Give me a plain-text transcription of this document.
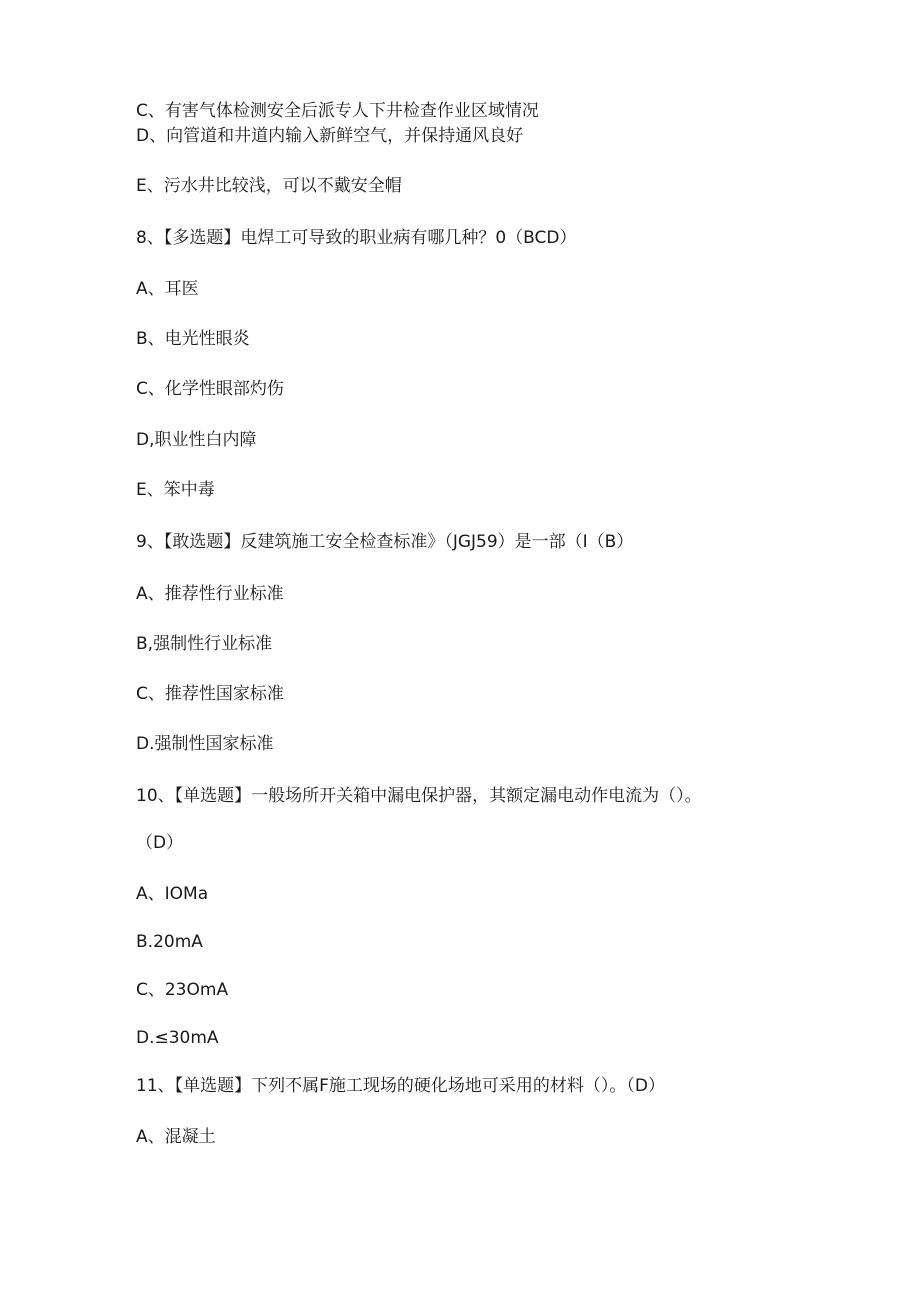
C、有害气体检测安全后派专人下井检查作业区域情况
D、向管道和井道内输入新鲜空气，并保持通风良好
E、污水井比较浅，可以不戴安全帽
8、【多选题】电焊工可导致的职业病有哪几种？0（BCD）
A、耳医
B、电光性眼炎
C、化学性眼部灼伤
D,职业性白内障
E、笨中毒
9、【敢选题】反建筑施工安全检查标准》（JGJ59）是一部（I（B）
A、推荐性行业标准
B,强制性行业标准
C、推荐性国家标准
D.强制性国家标准
10、【单选题】一般场所开关箱中漏电保护器，其额定漏电动作电流为（）。
（D）
A、IOMa
B.20mA
C、23OmA
D.≤30mA
11、【单选题】下列不属F施工现场的硬化场地可采用的材料（）。（D）
A、混凝土
